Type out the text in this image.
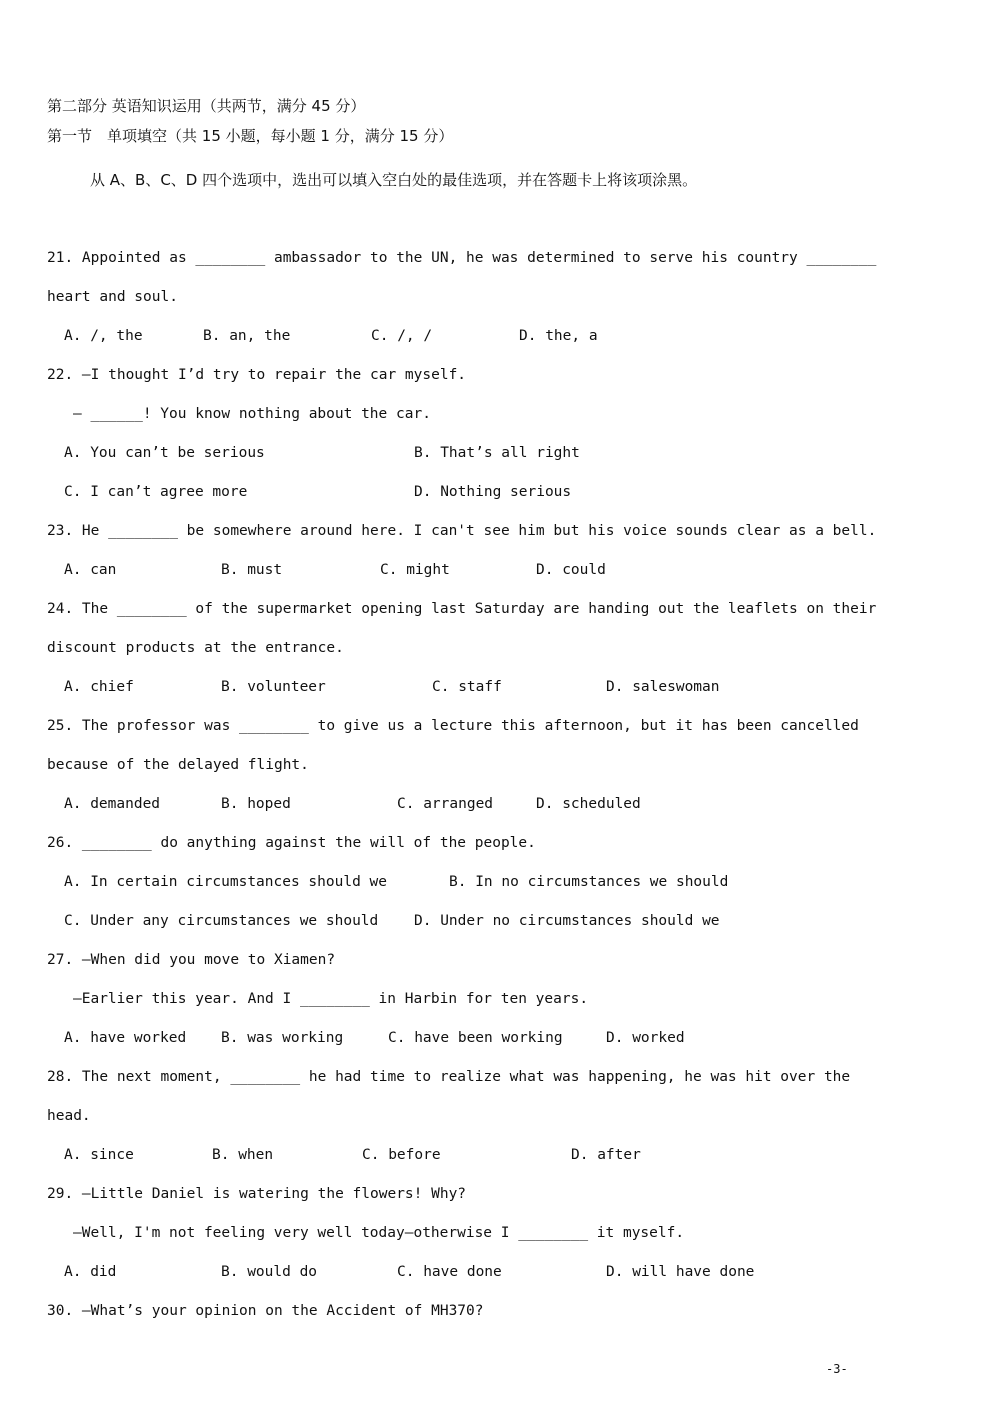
第二部分 英语知识运用（共两节，满分 45 分）
第一节　单项填空（共 15 小题，每小题 1 分，满分 15 分）
从 A、B、C、D 四个选项中，选出可以填入空白处的最佳选项，并在答题卡上将该项涂黑。
21. Appointed as ________ ambassador to the UN, he was determined to serve his country ________
heart and soul.
A. /, the	B. an, the	C. /, /	D. the, a
22. —I thought I’d try to repair the car myself.
— ______! You know nothing about the car.
A. You can’t be serious	B. That’s all right
C. I can’t agree more	D. Nothing serious
23. He ________ be somewhere around here. I can't see him but his voice sounds clear as a bell.
A. can	B. must	C. might	D. could
24. The ________ of the supermarket opening last Saturday are handing out the leaflets on their
discount products at the entrance.
A. chief	B. volunteer	C. staff	D. saleswoman
25. The professor was ________ to give us a lecture this afternoon, but it has been cancelled
because of the delayed flight.
A. demanded	B. hoped	C. arranged	D. scheduled
26. ________ do anything against the will of the people.
A. In certain circumstances should we	B. In no circumstances we should
C. Under any circumstances we should D. Under no circumstances should we
27. —When did you move to Xiamen?
—Earlier this year. And I ________ in Harbin for ten years.
A. have worked B. was working	C. have been working	D. worked
28. The next moment, ________ he had time to realize what was happening, he was hit over the
head.
A. since	B. when	C. before	D. after
29. —Little Daniel is watering the flowers! Why?
—Well, I'm not feeling very well today—otherwise I ________ it myself.
A. did	B. would do	C. have done	D. will have done
30. —What’s your opinion on the Accident of MH370?
-3-
